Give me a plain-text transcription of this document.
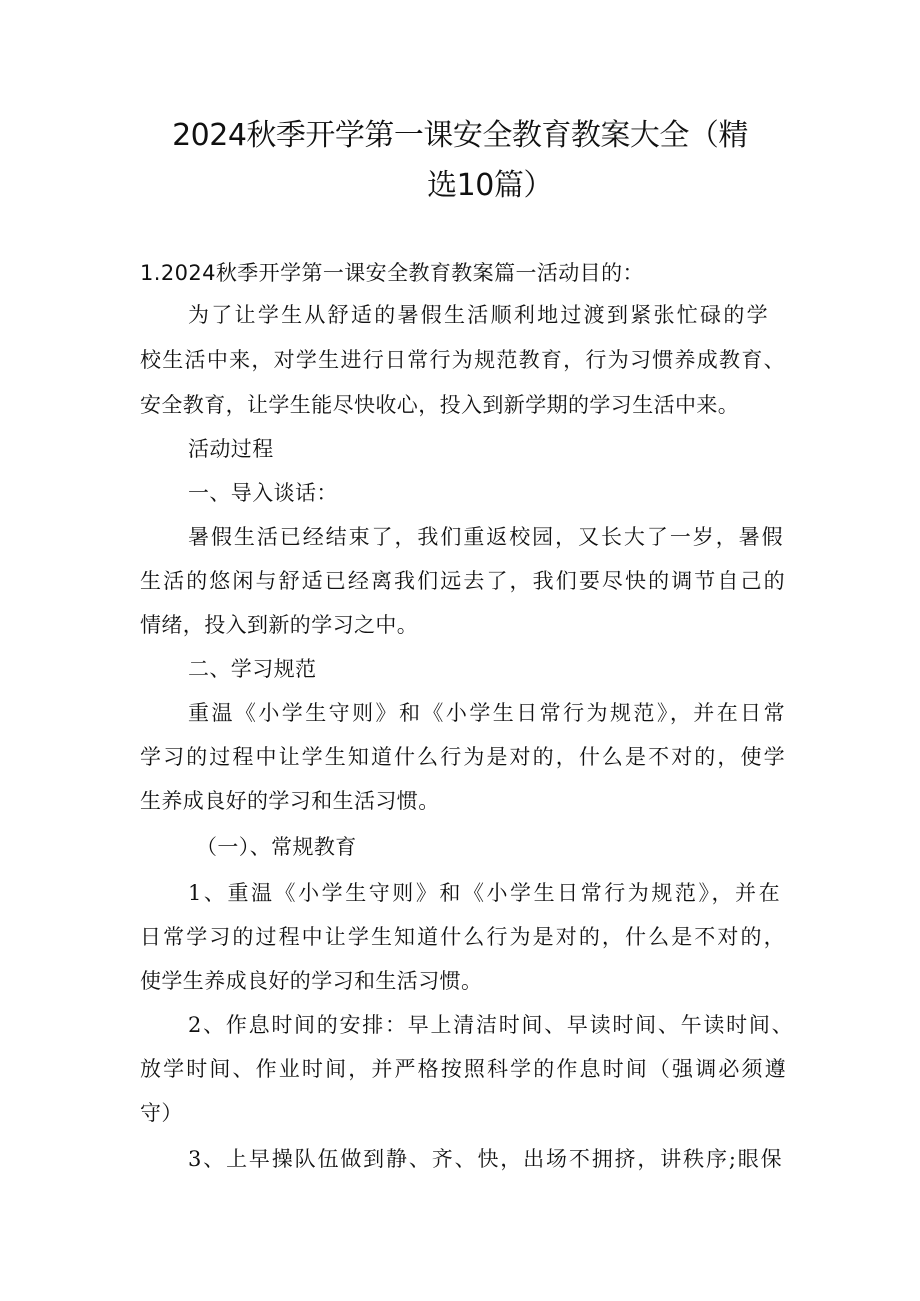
2024秋季开学第一课安全教育教案大全（精
选10篇）
1.2024秋季开学第一课安全教育教案篇一活动目的：
为了让学生从舒适的暑假生活顺利地过渡到紧张忙碌的学
校生活中来，对学生进行日常行为规范教育，行为习惯养成教育、
安全教育，让学生能尽快收心，投入到新学期的学习生活中来。
活动过程
一、导入谈话：
暑假生活已经结束了，我们重返校园，又长大了一岁，暑假
生活的悠闲与舒适已经离我们远去了，我们要尽快的调节自己的
情绪，投入到新的学习之中。
二、学习规范
重温《小学生守则》和《小学生日常行为规范》，并在日常
学习的过程中让学生知道什么行为是对的，什么是不对的，使学
生养成良好的学习和生活习惯。
（一）、常规教育
1、重温《小学生守则》和《小学生日常行为规范》，并在
日常学习的过程中让学生知道什么行为是对的，什么是不对的，
使学生养成良好的学习和生活习惯。
2、作息时间的安排：早上清洁时间、早读时间、午读时间、
放学时间、作业时间，并严格按照科学的作息时间（强调必须遵
守）
3、上早操队伍做到静、齐、快，出场不拥挤，讲秩序;眼保
